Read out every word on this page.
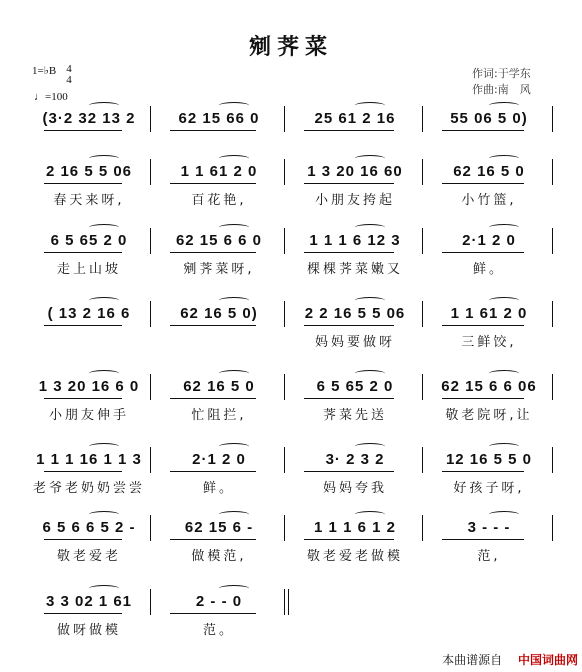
剜荠菜
1=♭B 4
4
♩=100
作词:于学东
作曲:南　风
(3·2 32 13 2	62 15 66 0	25 61 2 16	55 06 5 0)
2 16 5 5 06
春天来呀,
1 1 61 2 0
百花艳,
1 3 20 16 60
小朋友挎起
62 16 5 0
小竹篮,
6 5 65 2 0
走上山坡
62 15 6 6 0
剜荠菜呀,
1 1 1 6 12 3
棵棵荠菜嫩又
2·1 2 0
鲜。
( 13 2 16 6	62 16 5 0)	2 2 16 5 5 06
妈妈要做呀
1 1 61 2 0
三鲜饺,
1 3 20 16 6 0
小朋友伸手
62 16 5 0
忙阻拦,
6 5 65 2 0
荠菜先送
62 15 6 6 06
敬老院呀,让
1 1 1 16 1 1 3
老爷老奶奶尝尝
2·1 2 0
鲜。
3· 2 3 2
妈妈夸我
12 16 5 5 0
好孩子呀,
6 5 6 6 5 2 -
敬老爱老
62 15 6 -
做模范,
1 1 1 6 1 2
敬老爱老做模
3 - - -
范,
3 3 02 1 61
做呀做模
2 - - 0
范。
本曲谱源自 中国词曲网
